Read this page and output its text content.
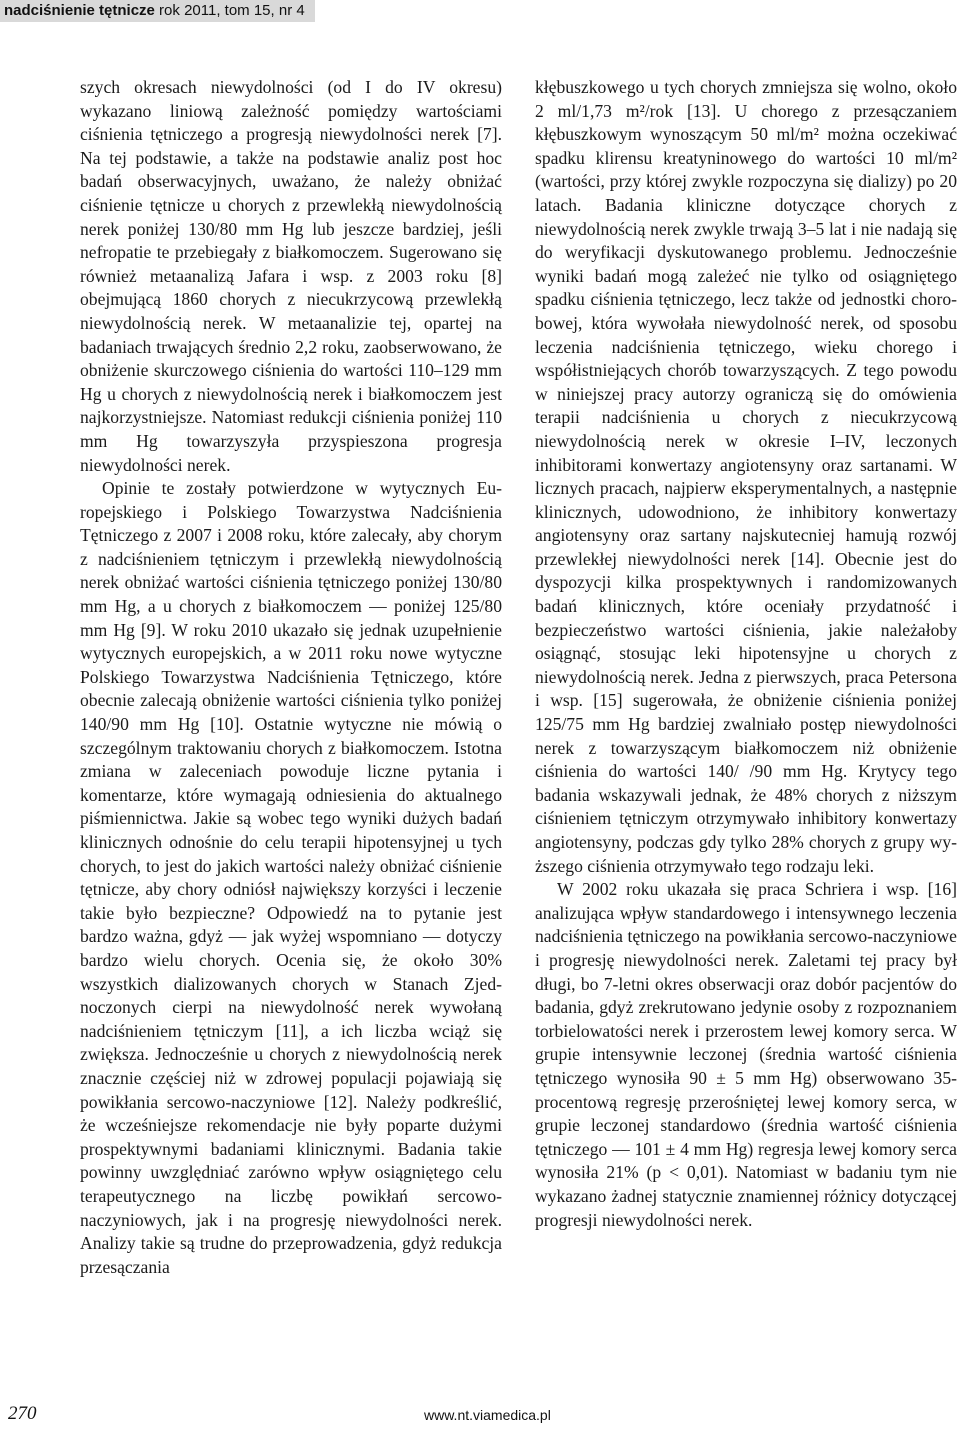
nadciśnienie tętnicze rok 2011, tom 15, nr 4

szych okresach niewydolności (od I do IV okresu) wykazano liniową zależność pomiędzy wartościami ciśnienia tętniczego a progresją niewydolności nerek [7]. Na tej podstawie, a także na podstawie analiz post hoc badań obserwacyjnych, uważano, że należy obniżać ciśnienie tętnicze u chorych z przewlekłą niewydolnością nerek poniżej 130/80 mm Hg lub jeszcze bardziej, jeśli nefropatie te przebiegały z białkomoczem. Sugerowano się również metaanalizą Jafara i wsp. z 2003 roku [8] obejmującą 1860 chorych z niecukrzycową przewlekłą niewydolnością nerek. W metaanalizie tej, opartej na badaniach trwających średnio 2,2 roku, zaobserwowano, że obniżenie skurczowego ciśnienia do wartości 110–129 mm Hg u chorych z niewydolnością nerek i białkomoczem jest najkorzystniejsze. Natomiast redukcji ciśnienia poniżej 110 mm Hg towarzyszyła przyspieszona progresja niewydolności nerek.

Opinie te zostały potwierdzone w wytycznych Europejskiego i Polskiego Towarzystwa Nadciśnienia Tętniczego z 2007 i 2008 roku, które zalecały, aby chorym z nadciśnieniem tętniczym i przewlekłą niewydolnością nerek obniżać wartości ciśnienia tętniczego poniżej 130/80 mm Hg, a u chorych z białkomoczem — poniżej 125/80 mm Hg [9]. W roku 2010 ukazało się jednak uzupełnienie wytycznych europejskich, a w 2011 roku nowe wytyczne Polskiego Towarzystwa Nadciśnienia Tętniczego, które obecnie zalecają obniżenie wartości ciśnienia tylko poniżej 140/90 mm Hg [10]. Ostatnie wytyczne nie mówią o szczególnym traktowaniu chorych z białkomoczem. Istotna zmiana w zaleceniach powoduje liczne pytania i komentarze, które wymagają odniesienia do aktualnego piśmiennictwa. Jakie są wobec tego wyniki dużych badań klinicznych odnośnie do celu terapii hipotensyjnej u tych chorych, to jest do jakich wartości należy obniżać ciśnienie tętnicze, aby chory odniósł największy korzyści i leczenie takie było bezpieczne? Odpowiedź na to pytanie jest bardzo ważna, gdyż — jak wyżej wspomniano — dotyczy bardzo wielu chorych. Ocenia się, że około 30% wszystkich dializowanych chorych w Stanach Zjednoczonych cierpi na niewydolność nerek wywołaną nadciśnieniem tętniczym [11], a ich liczba wciąż się zwiększa. Jednocześnie u chorych z niewydolnością nerek znacznie częściej niż w zdrowej populacji pojawiają się powikłania sercowo-naczyniowe [12]. Należy podkreślić, że wcześniejsze rekomendacje nie były poparte dużymi prospektywnymi badaniami klinicznymi. Badania takie powinny uwzględniać zarówno wpływ osiągniętego celu terapeutycznego na liczbę powikłań sercowo-naczyniowych, jak i na progresję niewydolności nerek. Analizy takie są trudne do przeprowadzenia, gdyż redukcja przesączania

kłębuszkowego u tych chorych zmniejsza się wolno, około 2 ml/1,73 m²/rok [13]. U chorego z przesączaniem kłębuszkowym wynoszącym 50 ml/m² można oczekiwać spadku klirensu kreatyninowego do wartości 10 ml/m² (wartości, przy której zwykle rozpoczyna się dializy) po 20 latach. Badania kliniczne dotyczące chorych z niewydolnością nerek zwykle trwają 3–5 lat i nie nadają się do weryfikacji dyskutowanego problemu. Jednocześnie wyniki badań mogą zależeć nie tylko od osiągniętego spadku ciśnienia tętniczego, lecz także od jednostki chorobowej, która wywołała niewydolność nerek, od sposobu leczenia nadciśnienia tętniczego, wieku chorego i współistniejących chorób towarzyszących. Z tego powodu w niniejszej pracy autorzy ograniczą się do omówienia terapii nadciśnienia u chorych z niecukrzycową niewydolnością nerek w okresie I–IV, leczonych inhibitorami konwertazy angiotensyny oraz sartanami. W licznych pracach, najpierw eksperymentalnych, a następnie klinicznych, udowodniono, że inhibitory konwertazy angiotensyny oraz sartany najskutecniej hamują rozwój przewlekłej niewydolności nerek [14]. Obecnie jest do dyspozycji kilka prospektywnych i randomizowanych badań klinicznych, które oceniały przydatność i bezpieczeństwo wartości ciśnienia, jakie należałoby osiągnąć, stosując leki hipotensyjne u chorych z niewydolnością nerek. Jedna z pierwszych, praca Petersona i wsp. [15] sugerowała, że obniżenie ciśnienia poniżej 125/75 mm Hg bardziej zwalniało postęp niewydolności nerek z towarzyszącym białkomoczem niż obniżenie ciśnienia do wartości 140/ /90 mm Hg. Krytycy tego badania wskazywali jednak, że 48% chorych z niższym ciśnieniem tętniczym otrzymywało inhibitory konwertazy angiotensyny, podczas gdy tylko 28% chorych z grupy wyższego ciśnienia otrzymywało tego rodzaju leki.

W 2002 roku ukazała się praca Schriera i wsp. [16] analizująca wpływ standardowego i intensywnego leczenia nadciśnienia tętniczego na powikłania sercowo-naczyniowe i progresję niewydolności nerek. Zaletami tej pracy był długi, bo 7-letni okres obserwacji oraz dobór pacjentów do badania, gdyż zrekrutowano jedynie osoby z rozpoznaniem torbielowatości nerek i przerostem lewej komory serca. W grupie intensywnie leczonej (średnia wartość ciśnienia tętniczego wynosiła 90 ± 5 mm Hg) obserwowano 35-procentową regresję przerośniętej lewej komory serca, w grupie leczonej standardowo (średnia wartość ciśnienia tętniczego — 101 ± 4 mm Hg) regresja lewej komory serca wynosiła 21% (p < 0,01). Natomiast w badaniu tym nie wykazano żadnej statycznie znamiennej różnicy dotyczącej progresji niewydolności nerek.

270	www.nt.viamedica.pl
